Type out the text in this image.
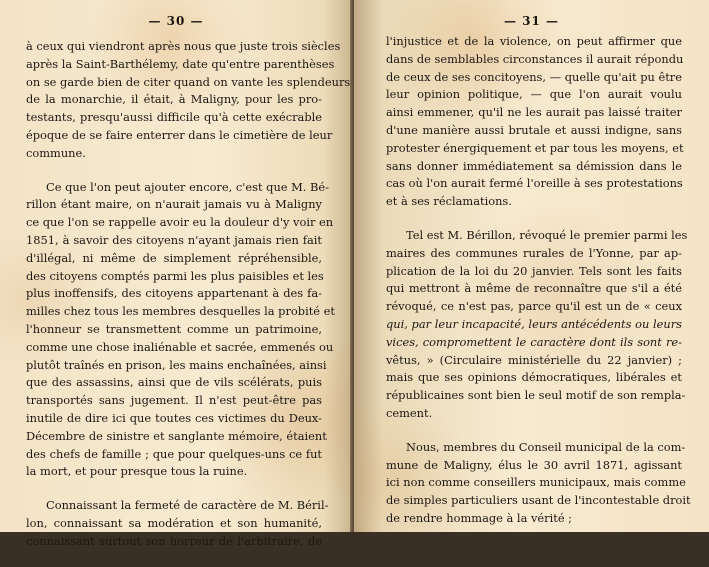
— 30 —
à ceux qui viendront après nous que juste trois siècles
après la Saint-Barthélemy, date qu'entre parenthèses
on se garde bien de citer quand on vante les splendeurs
de la monarchie, il était, à Maligny, pour les pro-
testants, presqu'aussi difficile qu'à cette exécrable
époque de se faire enterrer dans le cimetière de leur
commune.
Ce que l'on peut ajouter encore, c'est que M. Bé-
rillon étant maire, on n'aurait jamais vu à Maligny
ce que l'on se rappelle avoir eu la douleur d'y voir en
1851, à savoir des citoyens n'ayant jamais rien fait
d'illégal, ni même de simplement répréhensible,
des citoyens comptés parmi les plus paisibles et les
plus inoffensifs, des citoyens appartenant à des fa-
milles chez tous les membres desquelles la probité et
l'honneur se transmettent comme un patrimoine,
comme une chose inaliénable et sacrée, emmenés ou
plutôt traînés en prison, les mains enchaînées, ainsi
que des assassins, ainsi que de vils scélérats, puis
transportés sans jugement. Il n'est peut-être pas
inutile de dire ici que toutes ces victimes du Deux-
Décembre de sinistre et sanglante mémoire, étaient
des chefs de famille ; que pour quelques-uns ce fut
la mort, et pour presque tous la ruine.
Connaissant la fermeté de caractère de M. Béril-
lon, connaissant sa modération et son humanité,
connaissant surtout son horreur de l'arbitraire, de
— 31 —
l'injustice et de la violence, on peut affirmer que
dans de semblables circonstances il aurait répondu
de ceux de ses concitoyens, — quelle qu'ait pu être
leur opinion politique, — que l'on aurait voulu
ainsi emmener, qu'il ne les aurait pas laissé traiter
d'une manière aussi brutale et aussi indigne, sans
protester énergiquement et par tous les moyens, et
sans donner immédiatement sa démission dans le
cas où l'on aurait fermé l'oreille à ses protestations
et à ses réclamations.
Tel est M. Bérillon, révoqué le premier parmi les
maires des communes rurales de l'Yonne, par ap-
plication de la loi du 20 janvier. Tels sont les faits
qui mettront à même de reconnaître que s'il a été
révoqué, ce n'est pas, parce qu'il est un de « ceux
qui, par leur incapacité, leurs antécédents ou leurs
vices, compromettent le caractère dont ils sont re-
vêtus, » (Circulaire ministérielle du 22 janvier) ;
mais que ses opinions démocratiques, libérales et
républicaines sont bien le seul motif de son rempla-
cement.
Nous, membres du Conseil municipal de la com-
mune de Maligny, élus le 30 avril 1871, agissant
ici non comme conseillers municipaux, mais comme
de simples particuliers usant de l'incontestable droit
de rendre hommage à la vérité ;
